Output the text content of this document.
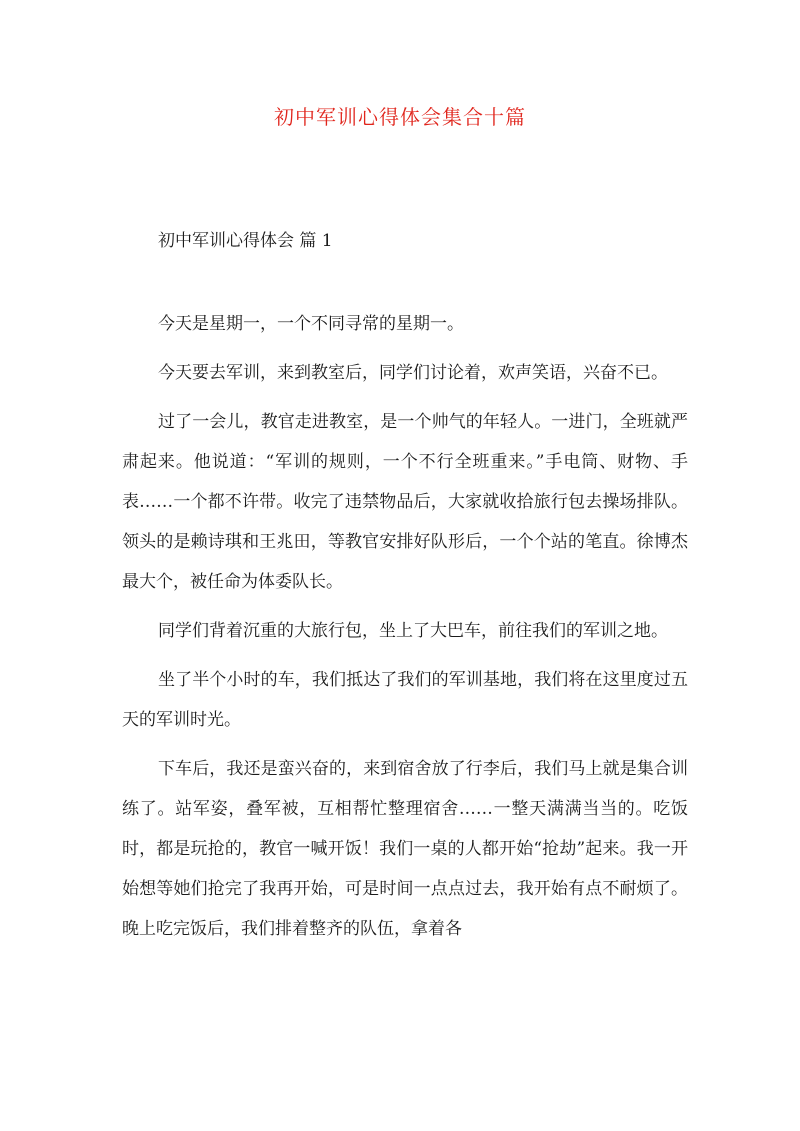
初中军训心得体会集合十篇
初中军训心得体会 篇 1

今天是星期一，一个不同寻常的星期一。

今天要去军训，来到教室后，同学们讨论着，欢声笑语，兴奋不已。

过了一会儿，教官走进教室，是一个帅气的年轻人。一进门，全班就严肃起来。他说道：“军训的规则，一个不行全班重来。”手电筒、财物、手表……一个都不许带。收完了违禁物品后，大家就收拾旅行包去操场排队。领头的是赖诗琪和王兆田，等教官安排好队形后，一个个站的笔直。徐博杰最大个，被任命为体委队长。

同学们背着沉重的大旅行包，坐上了大巴车，前往我们的军训之地。

坐了半个小时的车，我们抵达了我们的军训基地，我们将在这里度过五天的军训时光。

下车后，我还是蛮兴奋的，来到宿舍放了行李后，我们马上就是集合训练了。站军姿，叠军被，互相帮忙整理宿舍……一整天满满当当的。吃饭时，都是玩抢的，教官一喊开饭！我们一桌的人都开始“抢劫”起来。我一开始想等她们抢完了我再开始，可是时间一点点过去，我开始有点不耐烦了。晚上吃完饭后，我们排着整齐的队伍，拿着各
